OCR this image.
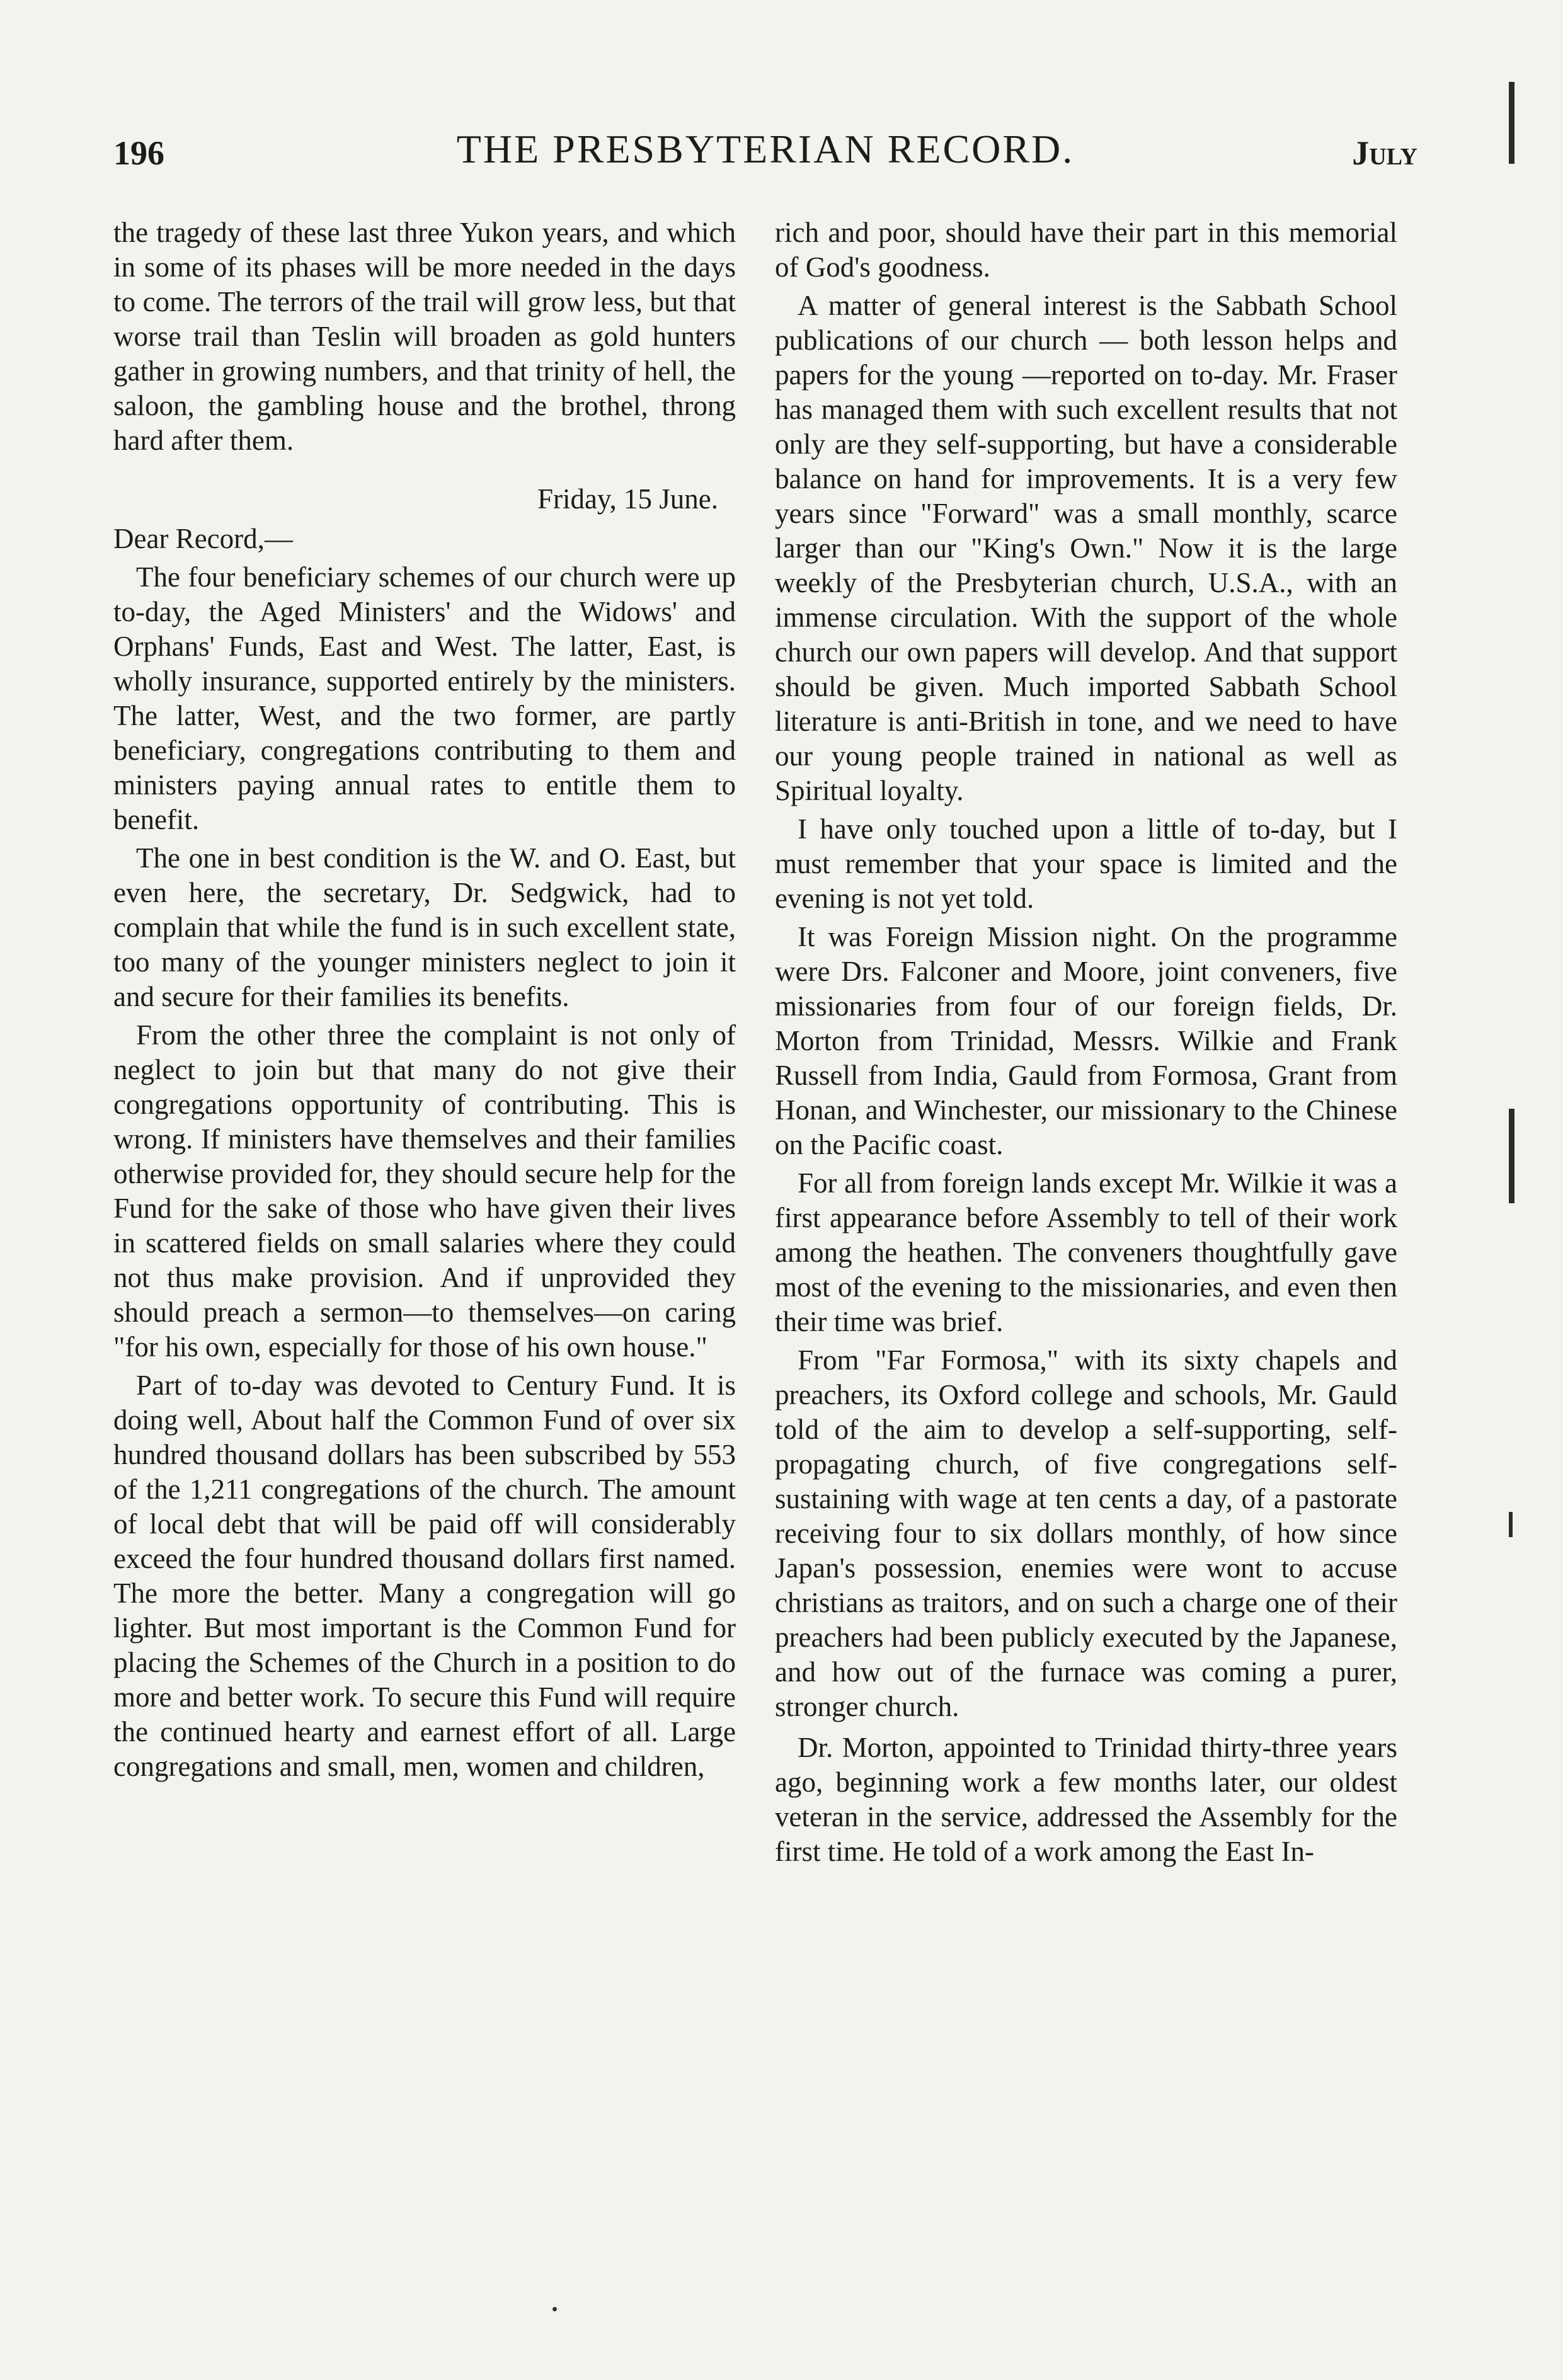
196	THE PRESBYTERIAN RECORD.	July

the tragedy of these last three Yukon years, and which in some of its phases will be more needed in the days to come. The terrors of the trail will grow less, but that worse trail than Teslin will broaden as gold hunters gather in growing numbers, and that trinity of hell, the saloon, the gambling house and the brothel, throng hard after them.

Friday, 15 June.

Dear Record,—

The four beneficiary schemes of our church were up to-day, the Aged Ministers' and the Widows' and Orphans' Funds, East and West. The latter, East, is wholly insurance, supported entirely by the ministers. The latter, West, and the two former, are partly beneficiary, congregations contributing to them and ministers paying annual rates to entitle them to benefit.

The one in best condition is the W. and O. East, but even here, the secretary, Dr. Sedgwick, had to complain that while the fund is in such excellent state, too many of the younger ministers neglect to join it and secure for their families its benefits.

From the other three the complaint is not only of neglect to join but that many do not give their congregations opportunity of contributing. This is wrong. If ministers have themselves and their families otherwise provided for, they should secure help for the Fund for the sake of those who have given their lives in scattered fields on small salaries where they could not thus make provision. And if unprovided they should preach a sermon—to themselves—on caring "for his own, especially for those of his own house."

Part of to-day was devoted to Century Fund. It is doing well, About half the Common Fund of over six hundred thousand dollars has been subscribed by 553 of the 1,211 congregations of the church. The amount of local debt that will be paid off will considerably exceed the four hundred thousand dollars first named. The more the better. Many a congregation will go lighter. But most important is the Common Fund for placing the Schemes of the Church in a position to do more and better work. To secure this Fund will require the continued hearty and earnest effort of all. Large congregations and small, men, women and children,

rich and poor, should have their part in this memorial of God's goodness.

A matter of general interest is the Sabbath School publications of our church — both lesson helps and papers for the young —reported on to-day. Mr. Fraser has managed them with such excellent results that not only are they self-supporting, but have a considerable balance on hand for improvements. It is a very few years since "Forward" was a small monthly, scarce larger than our "King's Own." Now it is the large weekly of the Presbyterian church, U.S.A., with an immense circulation. With the support of the whole church our own papers will develop. And that support should be given. Much imported Sabbath School literature is anti-British in tone, and we need to have our young people trained in national as well as Spiritual loyalty.

I have only touched upon a little of to-day, but I must remember that your space is limited and the evening is not yet told.

It was Foreign Mission night. On the programme were Drs. Falconer and Moore, joint conveners, five missionaries from four of our foreign fields, Dr. Morton from Trinidad, Messrs. Wilkie and Frank Russell from India, Gauld from Formosa, Grant from Honan, and Winchester, our missionary to the Chinese on the Pacific coast.

For all from foreign lands except Mr. Wilkie it was a first appearance before Assembly to tell of their work among the heathen. The conveners thoughtfully gave most of the evening to the missionaries, and even then their time was brief.

From "Far Formosa," with its sixty chapels and preachers, its Oxford college and schools, Mr. Gauld told of the aim to develop a self-supporting, self-propagating church, of five congregations self-sustaining with wage at ten cents a day, of a pastorate receiving four to six dollars monthly, of how since Japan's possession, enemies were wont to accuse christians as traitors, and on such a charge one of their preachers had been publicly executed by the Japanese, and how out of the furnace was coming a purer, stronger church.

Dr. Morton, appointed to Trinidad thirty-three years ago, beginning work a few months later, our oldest veteran in the service, addressed the Assembly for the first time. He told of a work among the East In-
